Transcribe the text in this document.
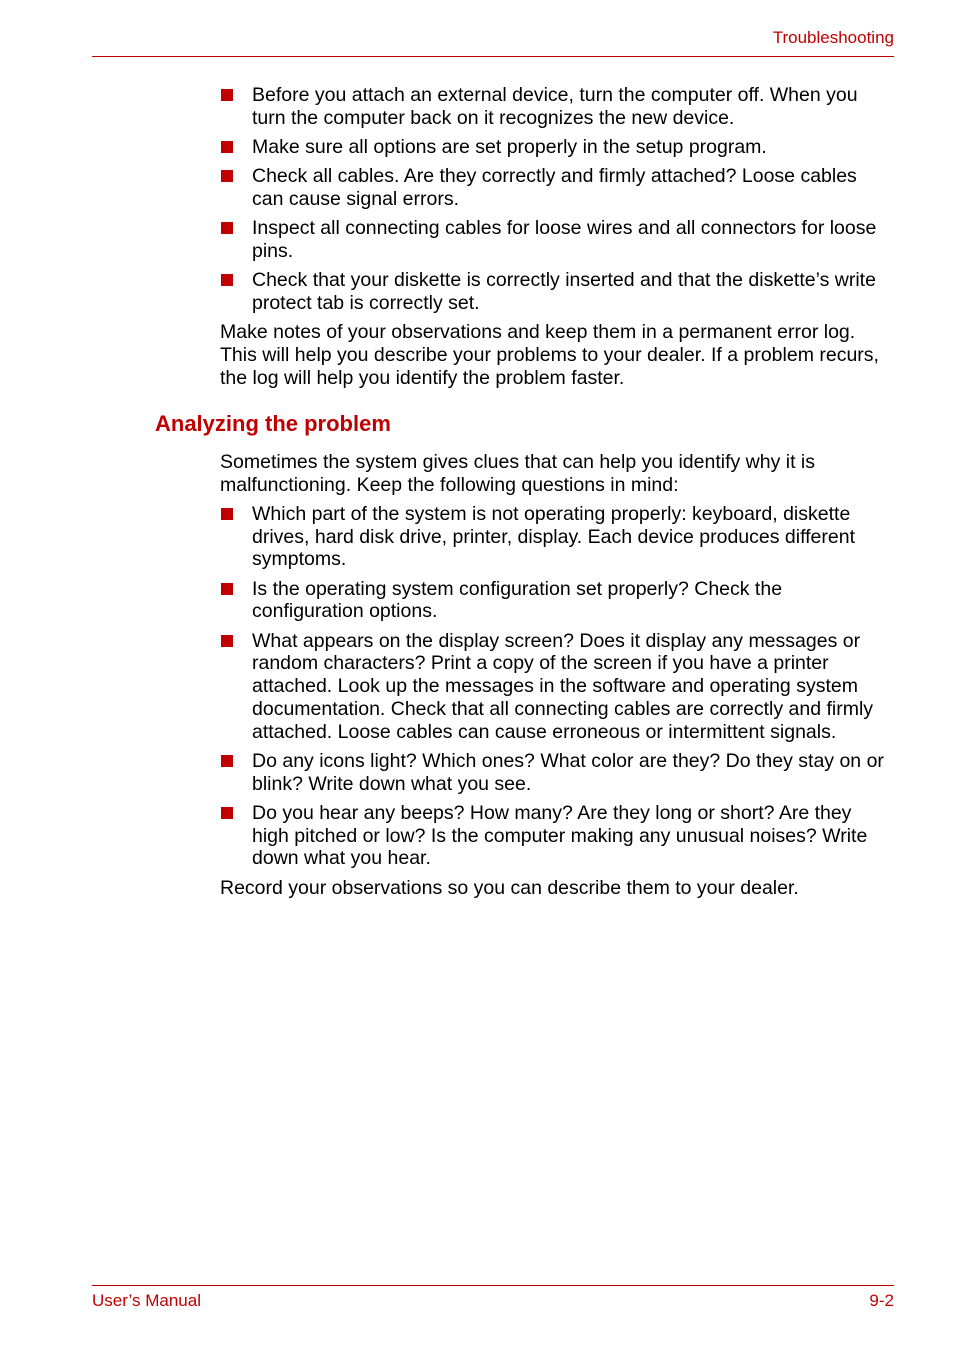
Troubleshooting
Before you attach an external device, turn the computer off. When you turn the computer back on it recognizes the new device.
Make sure all options are set properly in the setup program.
Check all cables. Are they correctly and firmly attached? Loose cables can cause signal errors.
Inspect all connecting cables for loose wires and all connectors for loose pins.
Check that your diskette is correctly inserted and that the diskette’s write protect tab is correctly set.

Make notes of your observations and keep them in a permanent error log. This will help you describe your problems to your dealer. If a problem recurs, the log will help you identify the problem faster.

Analyzing the problem

Sometimes the system gives clues that can help you identify why it is malfunctioning. Keep the following questions in mind:

Which part of the system is not operating properly: keyboard, diskette drives, hard disk drive, printer, display. Each device produces different symptoms.
Is the operating system configuration set properly? Check the configuration options.
What appears on the display screen? Does it display any messages or random characters? Print a copy of the screen if you have a printer attached. Look up the messages in the software and operating system documentation. Check that all connecting cables are correctly and firmly attached. Loose cables can cause erroneous or intermittent signals.
Do any icons light? Which ones? What color are they? Do they stay on or blink? Write down what you see.
Do you hear any beeps? How many? Are they long or short? Are they high pitched or low? Is the computer making any unusual noises? Write down what you hear.

Record your observations so you can describe them to your dealer.

User’s Manual	9-2
